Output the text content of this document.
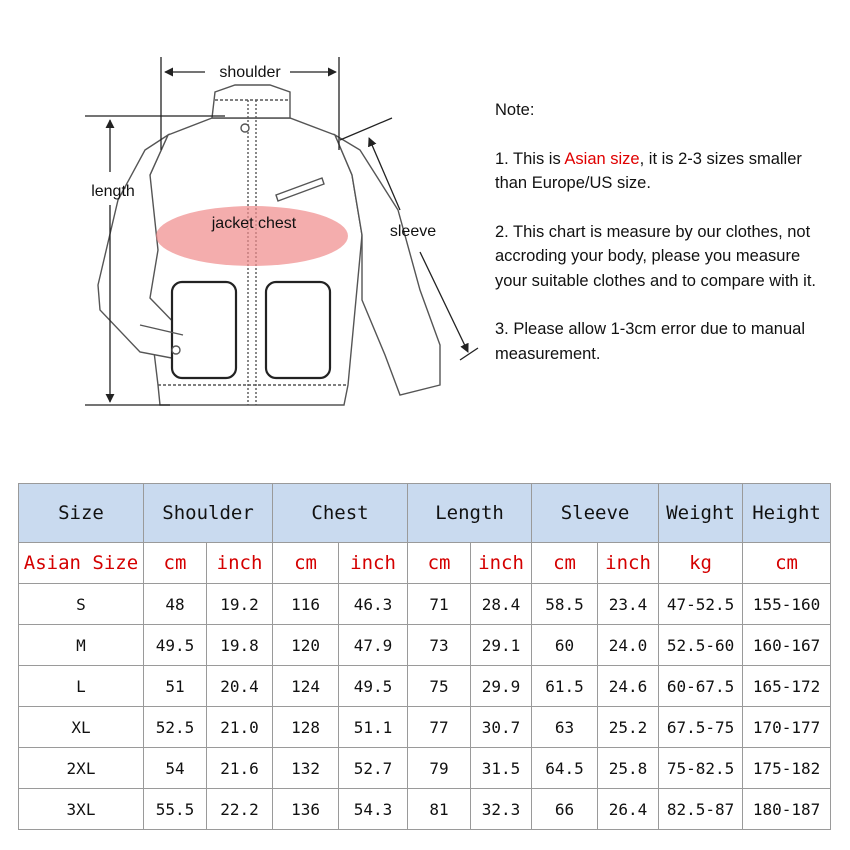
shoulder
length
sleeve
jacket chest

Note:

1. This is Asian size, it is 2-3 sizes smaller than Europe/US size.

2. This chart is measure by our clothes, not accroding your body, please you measure your suitable clothes and to compare with it.

3. Please allow 1-3cm error due to manual measurement.

Size	Shoulder		Chest		Length		Sleeve		Weight	Height
Asian Size	cm	inch	cm	inch	cm	inch	cm	inch	kg	cm
S	48	19.2	116	46.3	71	28.4	58.5	23.4	47-52.5	155-160
M	49.5	19.8	120	47.9	73	29.1	60	24.0	52.5-60	160-167
L	51	20.4	124	49.5	75	29.9	61.5	24.6	60-67.5	165-172
XL	52.5	21.0	128	51.1	77	30.7	63	25.2	67.5-75	170-177
2XL	54	21.6	132	52.7	79	31.5	64.5	25.8	75-82.5	175-182
3XL	55.5	22.2	136	54.3	81	32.3	66	26.4	82.5-87	180-187
